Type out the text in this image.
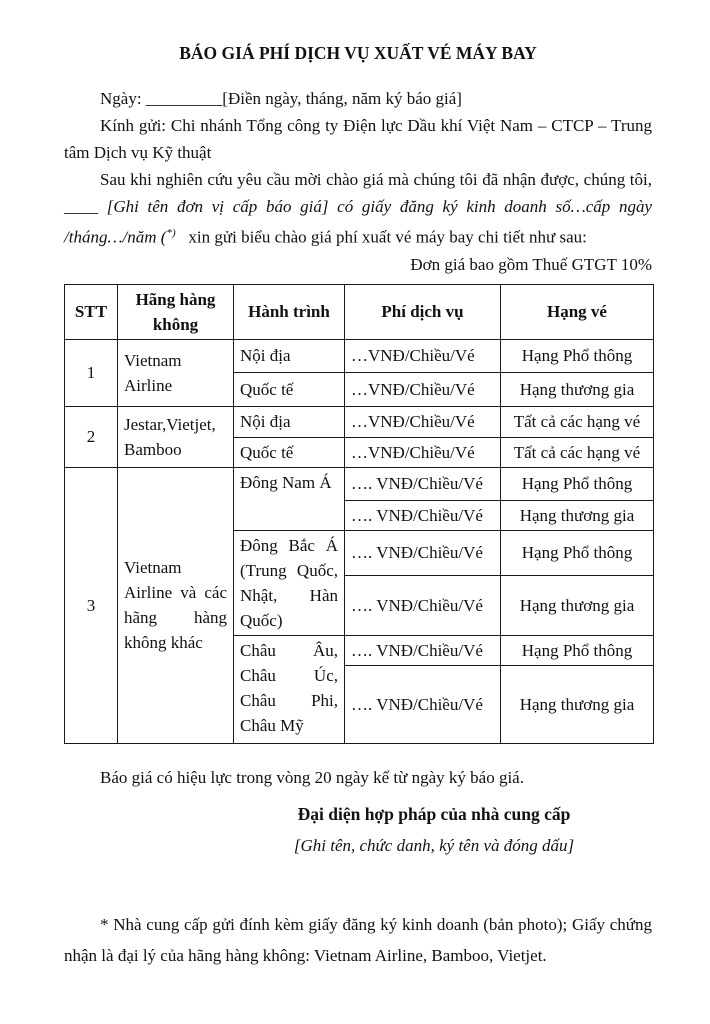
BÁO GIÁ PHÍ DỊCH VỤ XUẤT VÉ MÁY BAY

Ngày: _________[Điền ngày, tháng, năm ký báo giá]

Kính gửi: Chi nhánh Tổng công ty Điện lực Dầu khí Việt Nam – CTCP – Trung tâm Dịch vụ Kỹ thuật

Sau khi nghiên cứu yêu cầu mời chào giá mà chúng tôi đã nhận được, chúng tôi, ____ [Ghi tên đơn vị cấp báo giá] có giấy đăng ký kinh doanh số…cấp ngày /tháng…/năm (*)   xin gửi biểu chào giá phí xuất vé máy bay chi tiết như sau:

Đơn giá bao gồm Thuế GTGT 10%

STT	Hãng hàng không	Hành trình	Phí dịch vụ	Hạng vé
1	Vietnam Airline	Nội địa	…VNĐ/Chiều/Vé	Hạng Phổ thông
		Quốc tế	…VNĐ/Chiều/Vé	Hạng thương gia
2	Jestar,Vietjet, Bamboo	Nội địa	…VNĐ/Chiều/Vé	Tất cả các hạng vé
		Quốc tế	…VNĐ/Chiều/Vé	Tất cả các hạng vé
3	Vietnam Airline và các hãng hàng không khác	Đông Nam Á	…. VNĐ/Chiều/Vé	Hạng Phổ thông
			…. VNĐ/Chiều/Vé	Hạng thương gia
		Đông Bắc Á (Trung Quốc, Nhật, Hàn Quốc)	…. VNĐ/Chiều/Vé	Hạng Phổ thông
			…. VNĐ/Chiều/Vé	Hạng thương gia
		Châu Âu, Châu Úc, Châu Phi, Châu Mỹ	…. VNĐ/Chiều/Vé	Hạng Phổ thông
			…. VNĐ/Chiều/Vé	Hạng thương gia

Báo giá có hiệu lực trong vòng 20 ngày kể từ ngày ký báo giá.

Đại diện hợp pháp của nhà cung cấp
[Ghi tên, chức danh, ký tên và đóng dấu]

* Nhà cung cấp gửi đính kèm giấy đăng ký kinh doanh (bản photo); Giấy chứng nhận là đại lý của hãng hàng không: Vietnam Airline, Bamboo, Vietjet.
